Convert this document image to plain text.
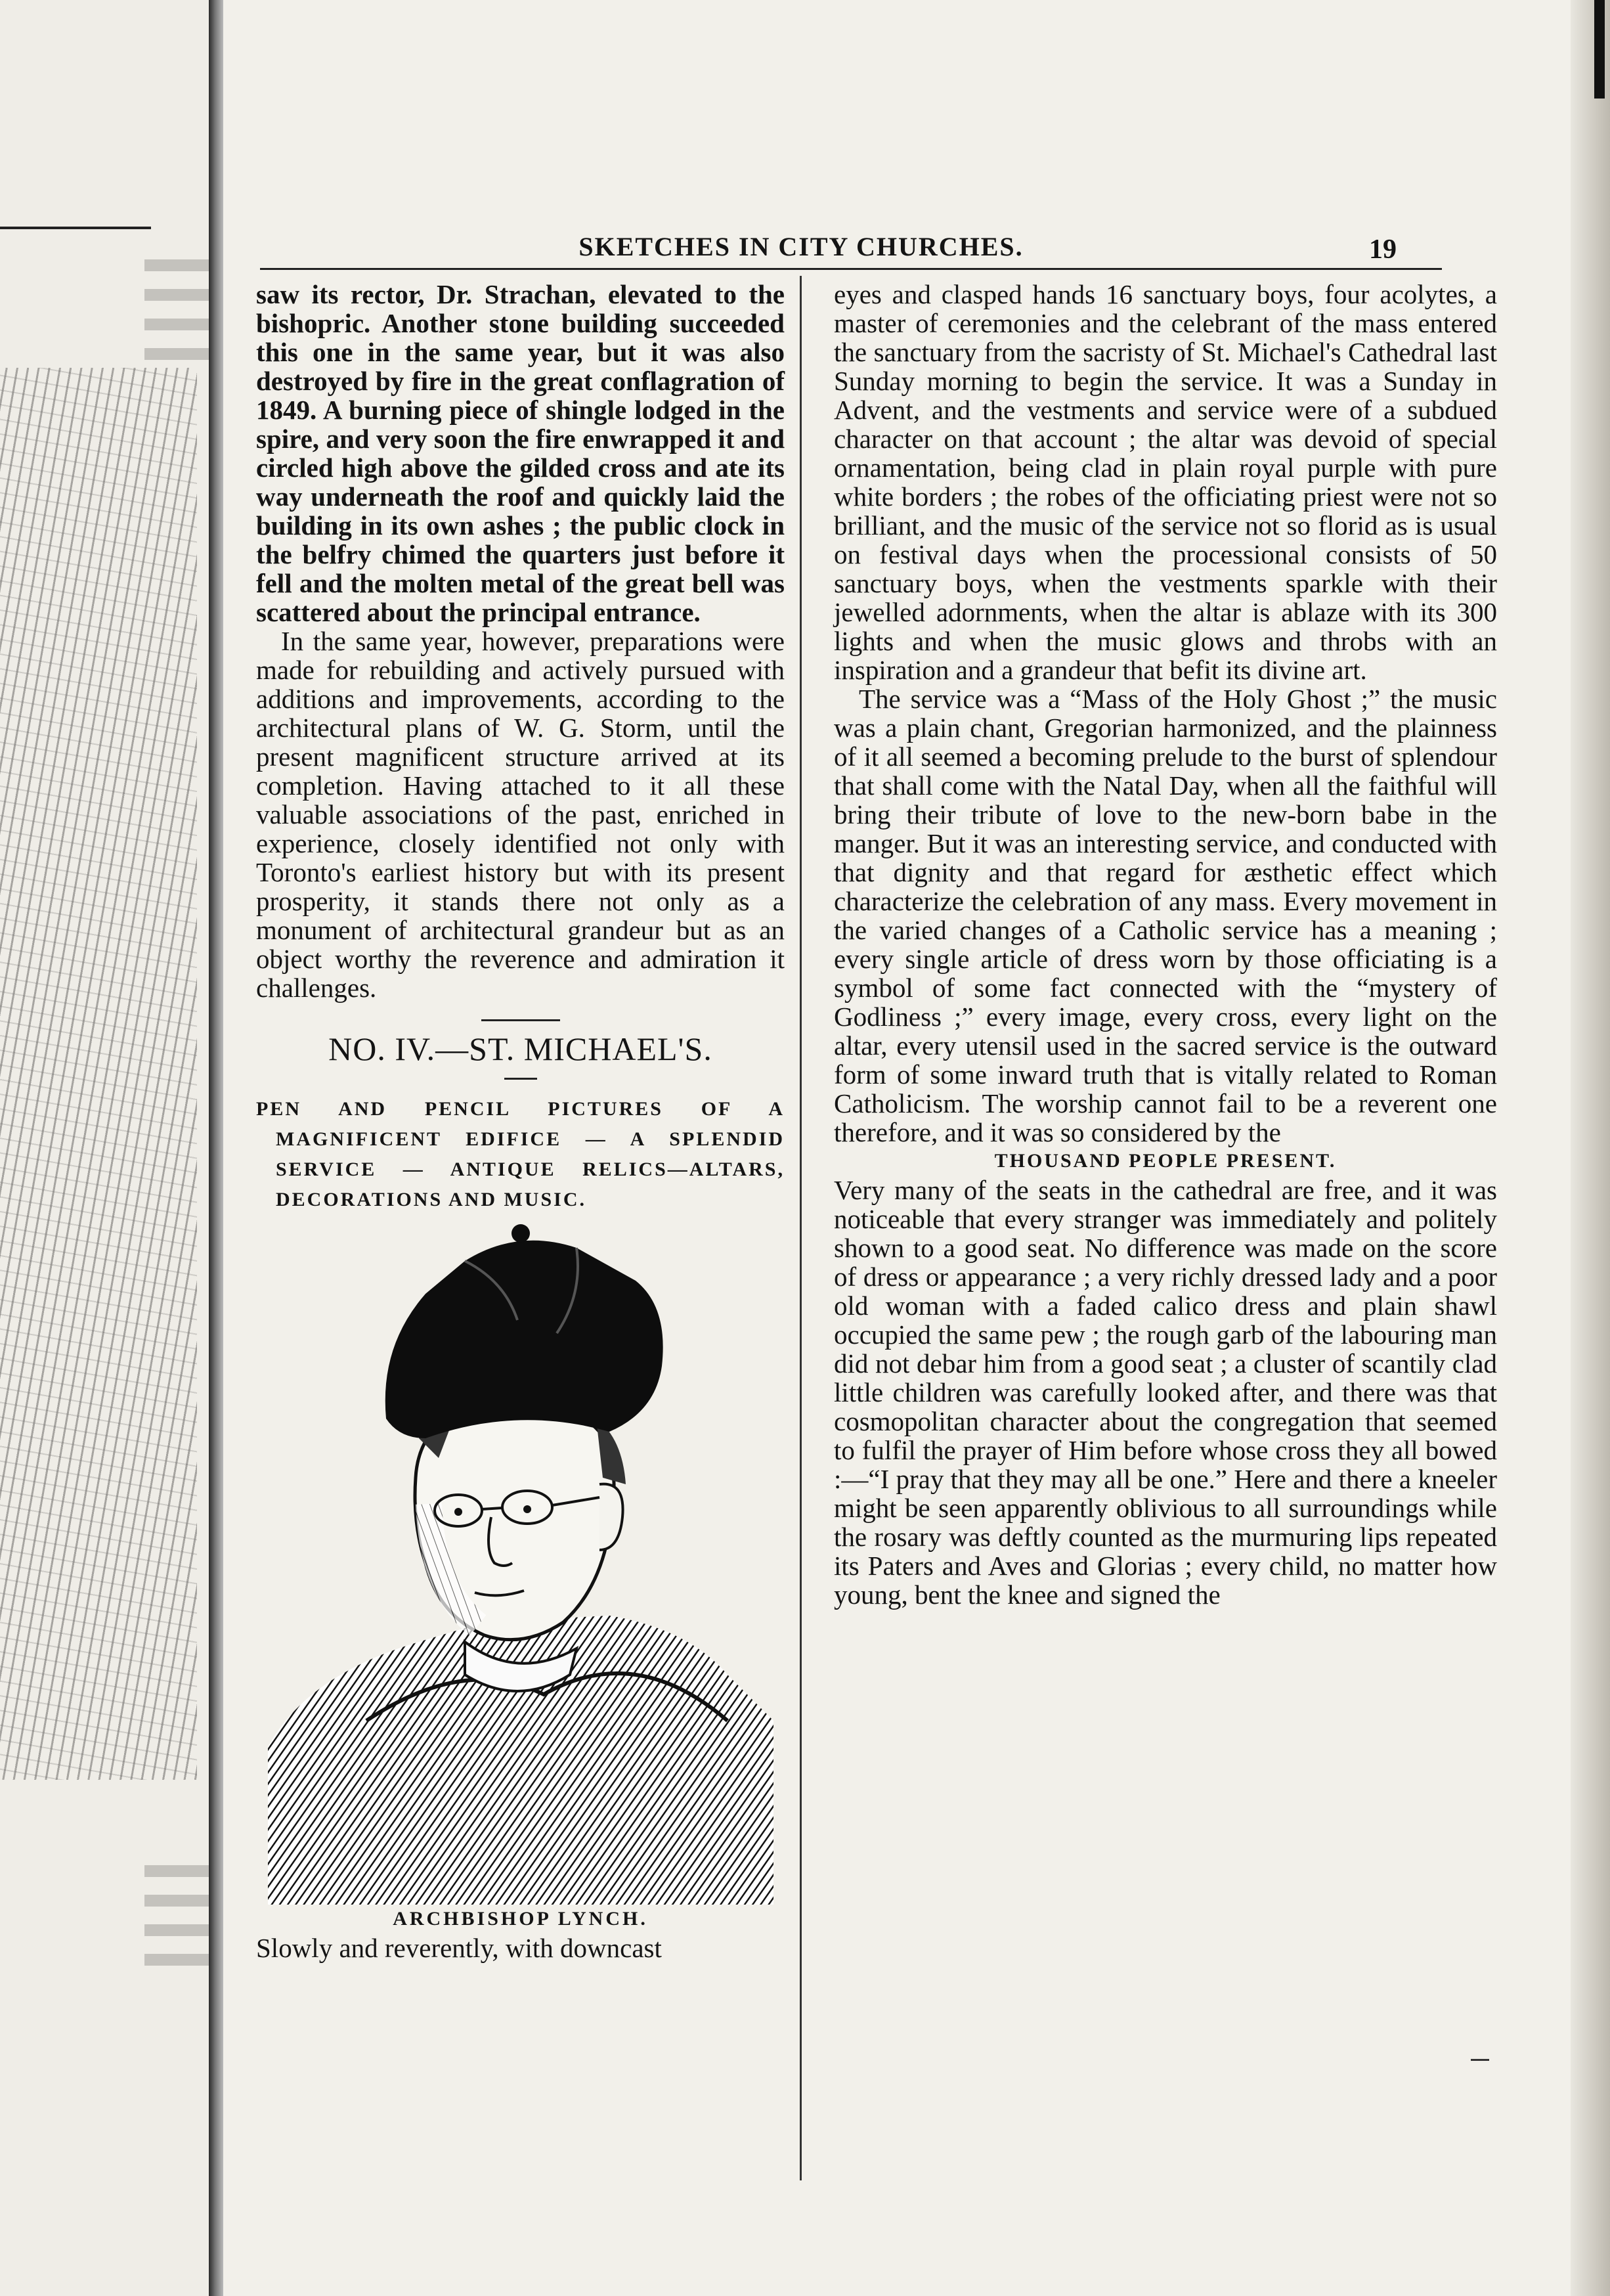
SKETCHES IN CITY CHURCHES.	19

saw its rector, Dr. Strachan, elevated to the bishopric. Another stone building succeeded this one in the same year, but it was also destroyed by fire in the great conflagration of 1849. A burning piece of shingle lodged in the spire, and very soon the fire enwrapped it and circled high above the gilded cross and ate its way underneath the roof and quickly laid the building in its own ashes ; the public clock in the belfry chimed the quarters just before it fell and the molten metal of the great bell was scattered about the principal entrance.

In the same year, however, preparations were made for rebuilding and actively pursued with additions and improvements, according to the architectural plans of W. G. Storm, until the present magnificent structure arrived at its completion. Having attached to it all these valuable associations of the past, enriched in experience, closely identified not only with Toronto's earliest history but with its present prosperity, it stands there not only as a monument of architectural grandeur but as an object worthy the reverence and admiration it challenges.

NO. IV.—ST. MICHAEL'S.

PEN AND PENCIL PICTURES OF A MAGNIFICENT EDIFICE — A SPLENDID SERVICE — ANTIQUE RELICS—ALTARS, DECORATIONS AND MUSIC.

ARCHBISHOP LYNCH.

Slowly and reverently, with downcast

eyes and clasped hands 16 sanctuary boys, four acolytes, a master of ceremonies and the celebrant of the mass entered the sanctuary from the sacristy of St. Michael's Cathedral last Sunday morning to begin the service. It was a Sunday in Advent, and the vestments and service were of a subdued character on that account ; the altar was devoid of special ornamentation, being clad in plain royal purple with pure white borders ; the robes of the officiating priest were not so brilliant, and the music of the service not so florid as is usual on festival days when the processional consists of 50 sanctuary boys, when the vestments sparkle with their jewelled adornments, when the altar is ablaze with its 300 lights and when the music glows and throbs with an inspiration and a grandeur that befit its divine art.

The service was a “Mass of the Holy Ghost ;” the music was a plain chant, Gregorian harmonized, and the plainness of it all seemed a becoming prelude to the burst of splendour that shall come with the Natal Day, when all the faithful will bring their tribute of love to the new-born babe in the manger. But it was an interesting service, and conducted with that dignity and that regard for æsthetic effect which characterize the celebration of any mass. Every movement in the varied changes of a Catholic service has a meaning ; every single article of dress worn by those officiating is a symbol of some fact connected with the “mystery of Godliness ;” every image, every cross, every light on the altar, every utensil used in the sacred service is the outward form of some inward truth that is vitally related to Roman Catholicism. The worship cannot fail to be a reverent one therefore, and it was so considered by the

THOUSAND PEOPLE PRESENT.

Very many of the seats in the cathedral are free, and it was noticeable that every stranger was immediately and politely shown to a good seat. No difference was made on the score of dress or appearance ; a very richly dressed lady and a poor old woman with a faded calico dress and plain shawl occupied the same pew ; the rough garb of the labouring man did not debar him from a good seat ; a cluster of scantily clad little children was carefully looked after, and there was that cosmopolitan character about the congregation that seemed to fulfil the prayer of Him before whose cross they all bowed :—“I pray that they may all be one.” Here and there a kneeler might be seen apparently oblivious to all surroundings while the rosary was deftly counted as the murmuring lips repeated its Paters and Aves and Glorias ; every child, no matter how young, bent the knee and signed the
